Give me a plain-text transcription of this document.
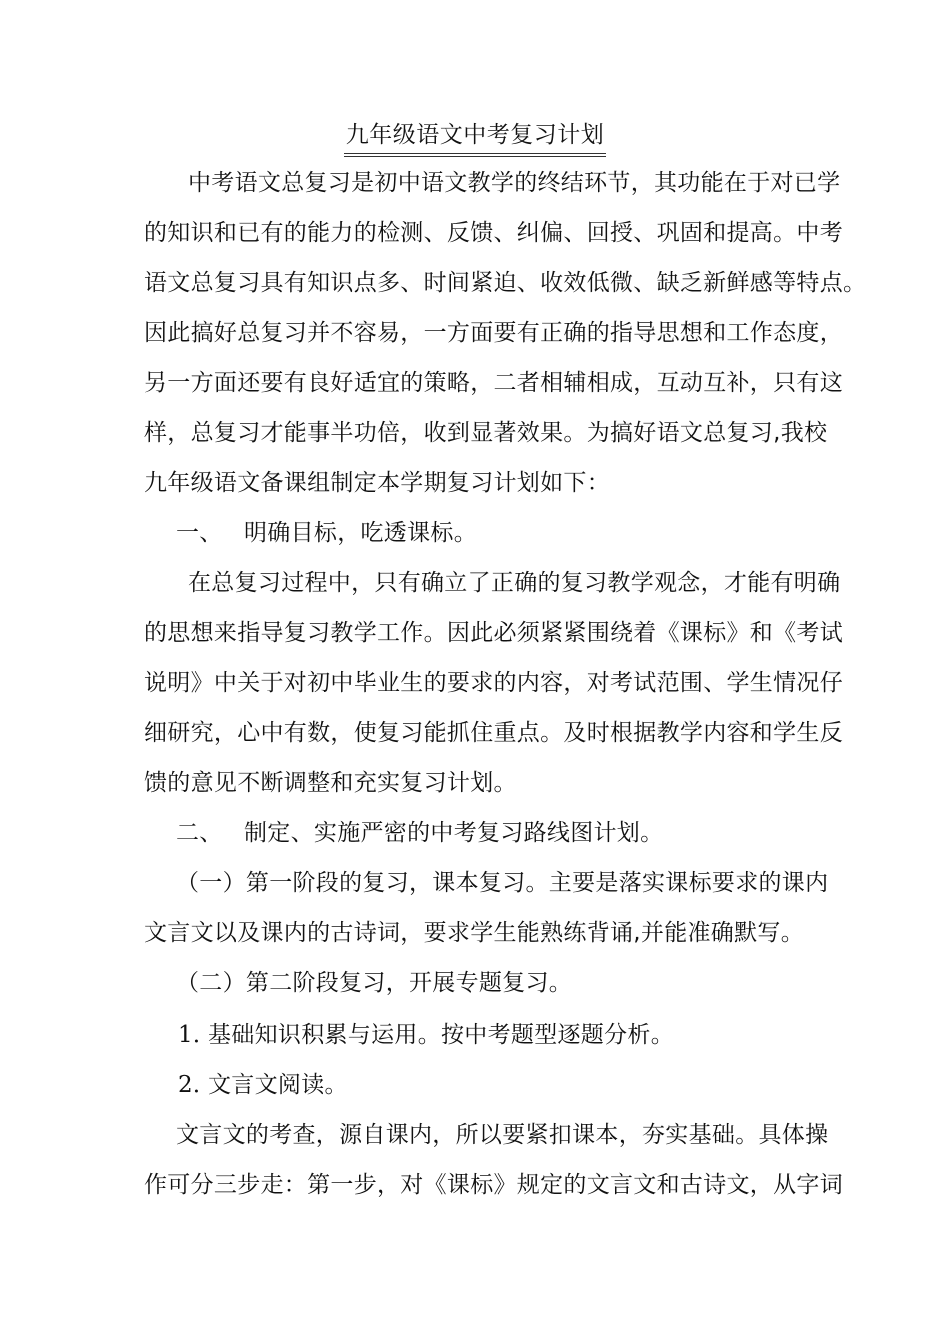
九年级语文中考复习计划
中考语文总复习是初中语文教学的终结环节，其功能在于对已学
的知识和已有的能力的检测、反馈、纠偏、回授、巩固和提高。中考
语文总复习具有知识点多、时间紧迫、收效低微、缺乏新鲜感等特点。
因此搞好总复习并不容易，一方面要有正确的指导思想和工作态度，
另一方面还要有良好适宜的策略，二者相辅相成，互动互补，只有这
样，总复习才能事半功倍，收到显著效果。为搞好语文总复习,我校
九年级语文备课组制定本学期复习计划如下：
一、 明确目标，吃透课标。
在总复习过程中，只有确立了正确的复习教学观念，才能有明确
的思想来指导复习教学工作。因此必须紧紧围绕着《课标》和《考试
说明》中关于对初中毕业生的要求的内容，对考试范围、学生情况仔
细研究，心中有数，使复习能抓住重点。及时根据教学内容和学生反
馈的意见不断调整和充实复习计划。
二、 制定、实施严密的中考复习路线图计划。
（一）第一阶段的复习，课本复习。主要是落实课标要求的课内
文言文以及课内的古诗词，要求学生能熟练背诵,并能准确默写。
（二）第二阶段复习，开展专题复习。
1．
基础知识积累与运用。按中考题型逐题分析。
2．
文言文阅读。
文言文的考查，源自课内，所以要紧扣课本，夯实基础。具体操
作可分三步走：第一步，对《课标》规定的文言文和古诗文，从字词
